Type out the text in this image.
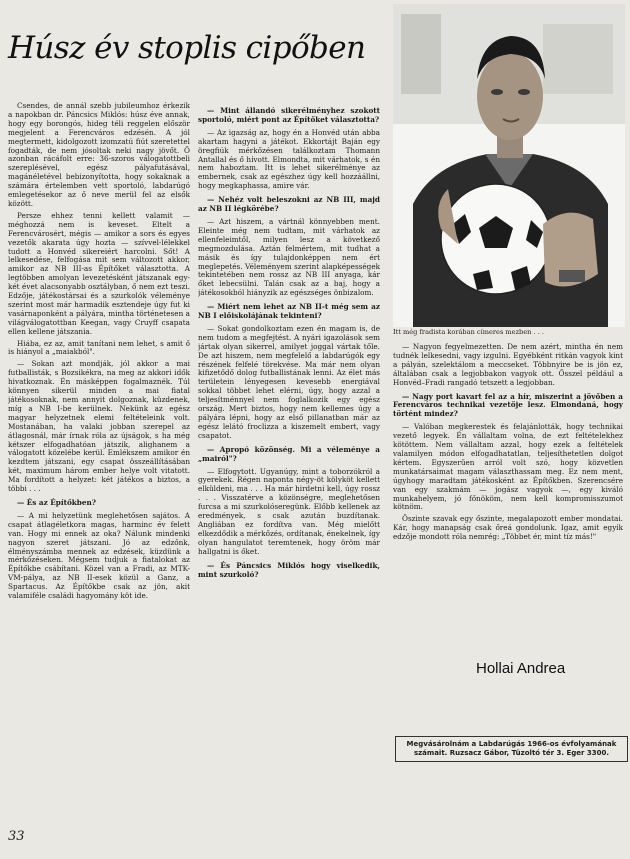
Húsz év stoplis cipőben
Itt még fradista korában címeres mezben . . .

Csendes, de annál szebb jubileumhoz érkezik a napokban dr. Páncsics Miklós: húsz éve annak, hogy egy borongós, hideg téli reggelen először megjelent a Ferencváros edzésén. A jól megtermett, kidolgozott izomzatú fiút szeretettel fogadták, de nem jósoltak neki nagy jövőt. Ő azonban rácáfolt erre: 36-szoros válogatottbeli szereplésével, egész pályafutásával, magánéletével bebizonyította, hogy sokaknak a számára értelemben vett sportoló, labdarúgó emlegetésekor az ő neve merül fel az elsők között.

Persze ehhez tenni kellett valamit — méghozzá nem is keveset. Eltelt a Ferencvárosért, mégis — amikor a sors és egyes vezetők akarata úgy hozta — szívvel-lélekkel tudott a Honvéd sikereiért harcolni. Sőt! A lelkesedése, felfogása mit sem változott akkor, amikor az NB III-as Építőket választotta. A legtöbben amolyan levezetésként játszanak egy-két évet alacsonyabb osztályban, ő nem ezt teszi. Edzője, játékostársai és a szurkolók véleménye szerint most már harmadik esztendeje úgy fut ki vasárnaponként a pályára, mintha történetesen a világválogatottban Keegan, vagy Cruyff csapata ellen kellene játszania.

Hiába, ez az, amit tanítani nem lehet, s amit ő is hiányol a „maiakból".

— Sokan azt mondják, jól akkor a mai futballisták, s Bozsikékra, na meg az akkori idők hivatkoznak. Én másképpen fogalmaznék. Túl könnyen sikerül minden a mai fiatal játékosoknak, nem annyit dolgoznak, küzdenek, míg a NB I-be kerülnek. Nekünk az egész magyar helyzetnek elemi feltételeink volt. Mostanában, ha valaki jobban szerepel az átlagosnál, már írnak róla az újságok, s ha még kétszer elfogadhatóan játszik, alighanem a válogatott közelébe kerül. Emlékszem amikor én kezdtem játszani, egy csapat összeállításában két, maximum három ember helye volt vitatott. Ma fordított a helyzet: két játékos a biztos, a többi . . .

— És az Építőkben?

— A mi helyzetünk meglehetősen sajátos. A csapat átlagéletkora magas, harminc év felett van. Hogy mi ennek az oka? Nálunk mindenki nagyon szeret játszani. Jó az edzőnk, élményszámba mennek az edzések, küzdünk a mérkőzéseken. Mégsem tudjuk a fiatalokat az Építőkbe csábítani. Közel van a Fradi, az MTK-VM-pálya, az NB II-esek közül a Ganz, a Spartacus. Az Építőkbe csak az jön, akit valamiféle családi hagyomány köt ide.

— Mint állandó sikerélményhez szokott sportoló, miért pont az Építőket választotta?

— Az igazság az, hogy én a Honvéd után abba akartam hagyni a játékot. Ekkortájt Baján egy öregfiúk mérkőzésen találkoztam Thomann Antallal és ő hívott. Elmondta, mit várhatok, s én nem haboztam. Itt is lehet sikerélménye az embernek, csak az egészhez úgy kell hozzáállni, hogy megkaphassa, amire vár.

— Nehéz volt beleszokni az NB III, majd az NB II légkörébe?

— Azt hiszem, a vártnál könnyebben ment. Eleinte még nem tudtam, mit várhatok az ellenfeleimtől, milyen lesz a következő megmozdulása. Aztán felmértem, mit tudhat a másik és így tulajdonképpen nem ért meglepetés. Véleményem szerint alapképességek tekintetében nem rossz az NB III anyaga, kár őket lebecsülni. Talán csak az a baj, hogy a játékosokból hiányzik az egészséges önbizalom.

— Miért nem lehet az NB II-t még sem az NB I előiskolájának tekinteni?

— Sokat gondolkoztam ezen én magam is, de nem tudom a megfejtést. A nyári igazolások sem jártak olyan sikerrel, amilyet joggal vártak tőle. De azt hiszem, nem megfelelő a labdarúgók egy részének felfelé törekvése. Ma már nem olyan kifizetődő dolog futballistának lenni. Az élet más területein lényegesen kevesebb energiával sokkal többet lehet elérni, úgy, hogy azzal a teljesítménnyel nem foglalkozik egy egész ország. Mert biztos, hogy nem kellemes úgy a pályára lépni, hogy az első pillanatban már az egész lelátó froclizza a kiszemelt embert, vagy csapatot.

— Apropó közönség. Mi a véleménye a „mairól"?

— Elfogytott. Ugyanúgy, mint a toborzókról a gyerekek. Régen naponta négy-öt kölyköt kellett elküldeni, ma . . . Ha már hirdetni kell, úgy rossz . . . Visszatérve a közönségre, meglehetősen furcsa a mi szurkolóseregünk. Előbb kellenek az eredmények, s csak azután buzdítanak. Angliában ez fordítva van. Még mielőtt elkezdődik a mérkőzés, ordítanak, énekelnek, így olyan hangulatot teremtenek, hogy öröm már hallgatni is őket.

— És Páncsics Miklós hogy viselkedik, mint szurkoló?

— Nagyon fegyelmezetten. De nem azért, mintha én nem tudnék lelkesedni, vagy izgulni. Egyébként ritkán vagyok kint a pályán, szelektálom a meccseket. Többnyire be is jön ez, általában csak a legjobbakon vagyok ott. Ősszel például a Honvéd–Fradi rangadó tetszett a legjobban.

— Nagy port kavart fel az a hír, miszerint a jövőben a Ferencváros technikai vezetője lesz. Elmondaná, hogy történt mindez?

— Valóban megkerestek és felajánlották, hogy technikai vezető legyek. Én vállaltam volna, de ezt feltételekhez kötöttem. Nem vállaltam azzal, hogy ezek a feltételek valamilyen módon elfogadhatatlan, teljesíthetetlen dolgot kértem. Egyszerűen arról volt szó, hogy közvetlen munkatársaimat magam választhassam meg. Ez nem ment, úgyhogy maradtam játékosként az Építőkben. Szerencsére van egy szakmám — jogász vagyok —, egy kiváló munkahelyem, jó főnököm, nem kell kompromisszumot kötnöm.

Őszinte szavak egy őszinte, megalapozott ember mondatai. Kár, hogy manapság csak őreá gondolunk. Igaz, amit egyik edzője mondott róla nemrég: „Többet ér, mint tíz más!"

Hollai Andrea
Megvásárolnám a Labdarúgás 1966-os évfolyamának számait. Ruzsacz Gábor, Tüzoltó tér 3. Eger 3300.
33
